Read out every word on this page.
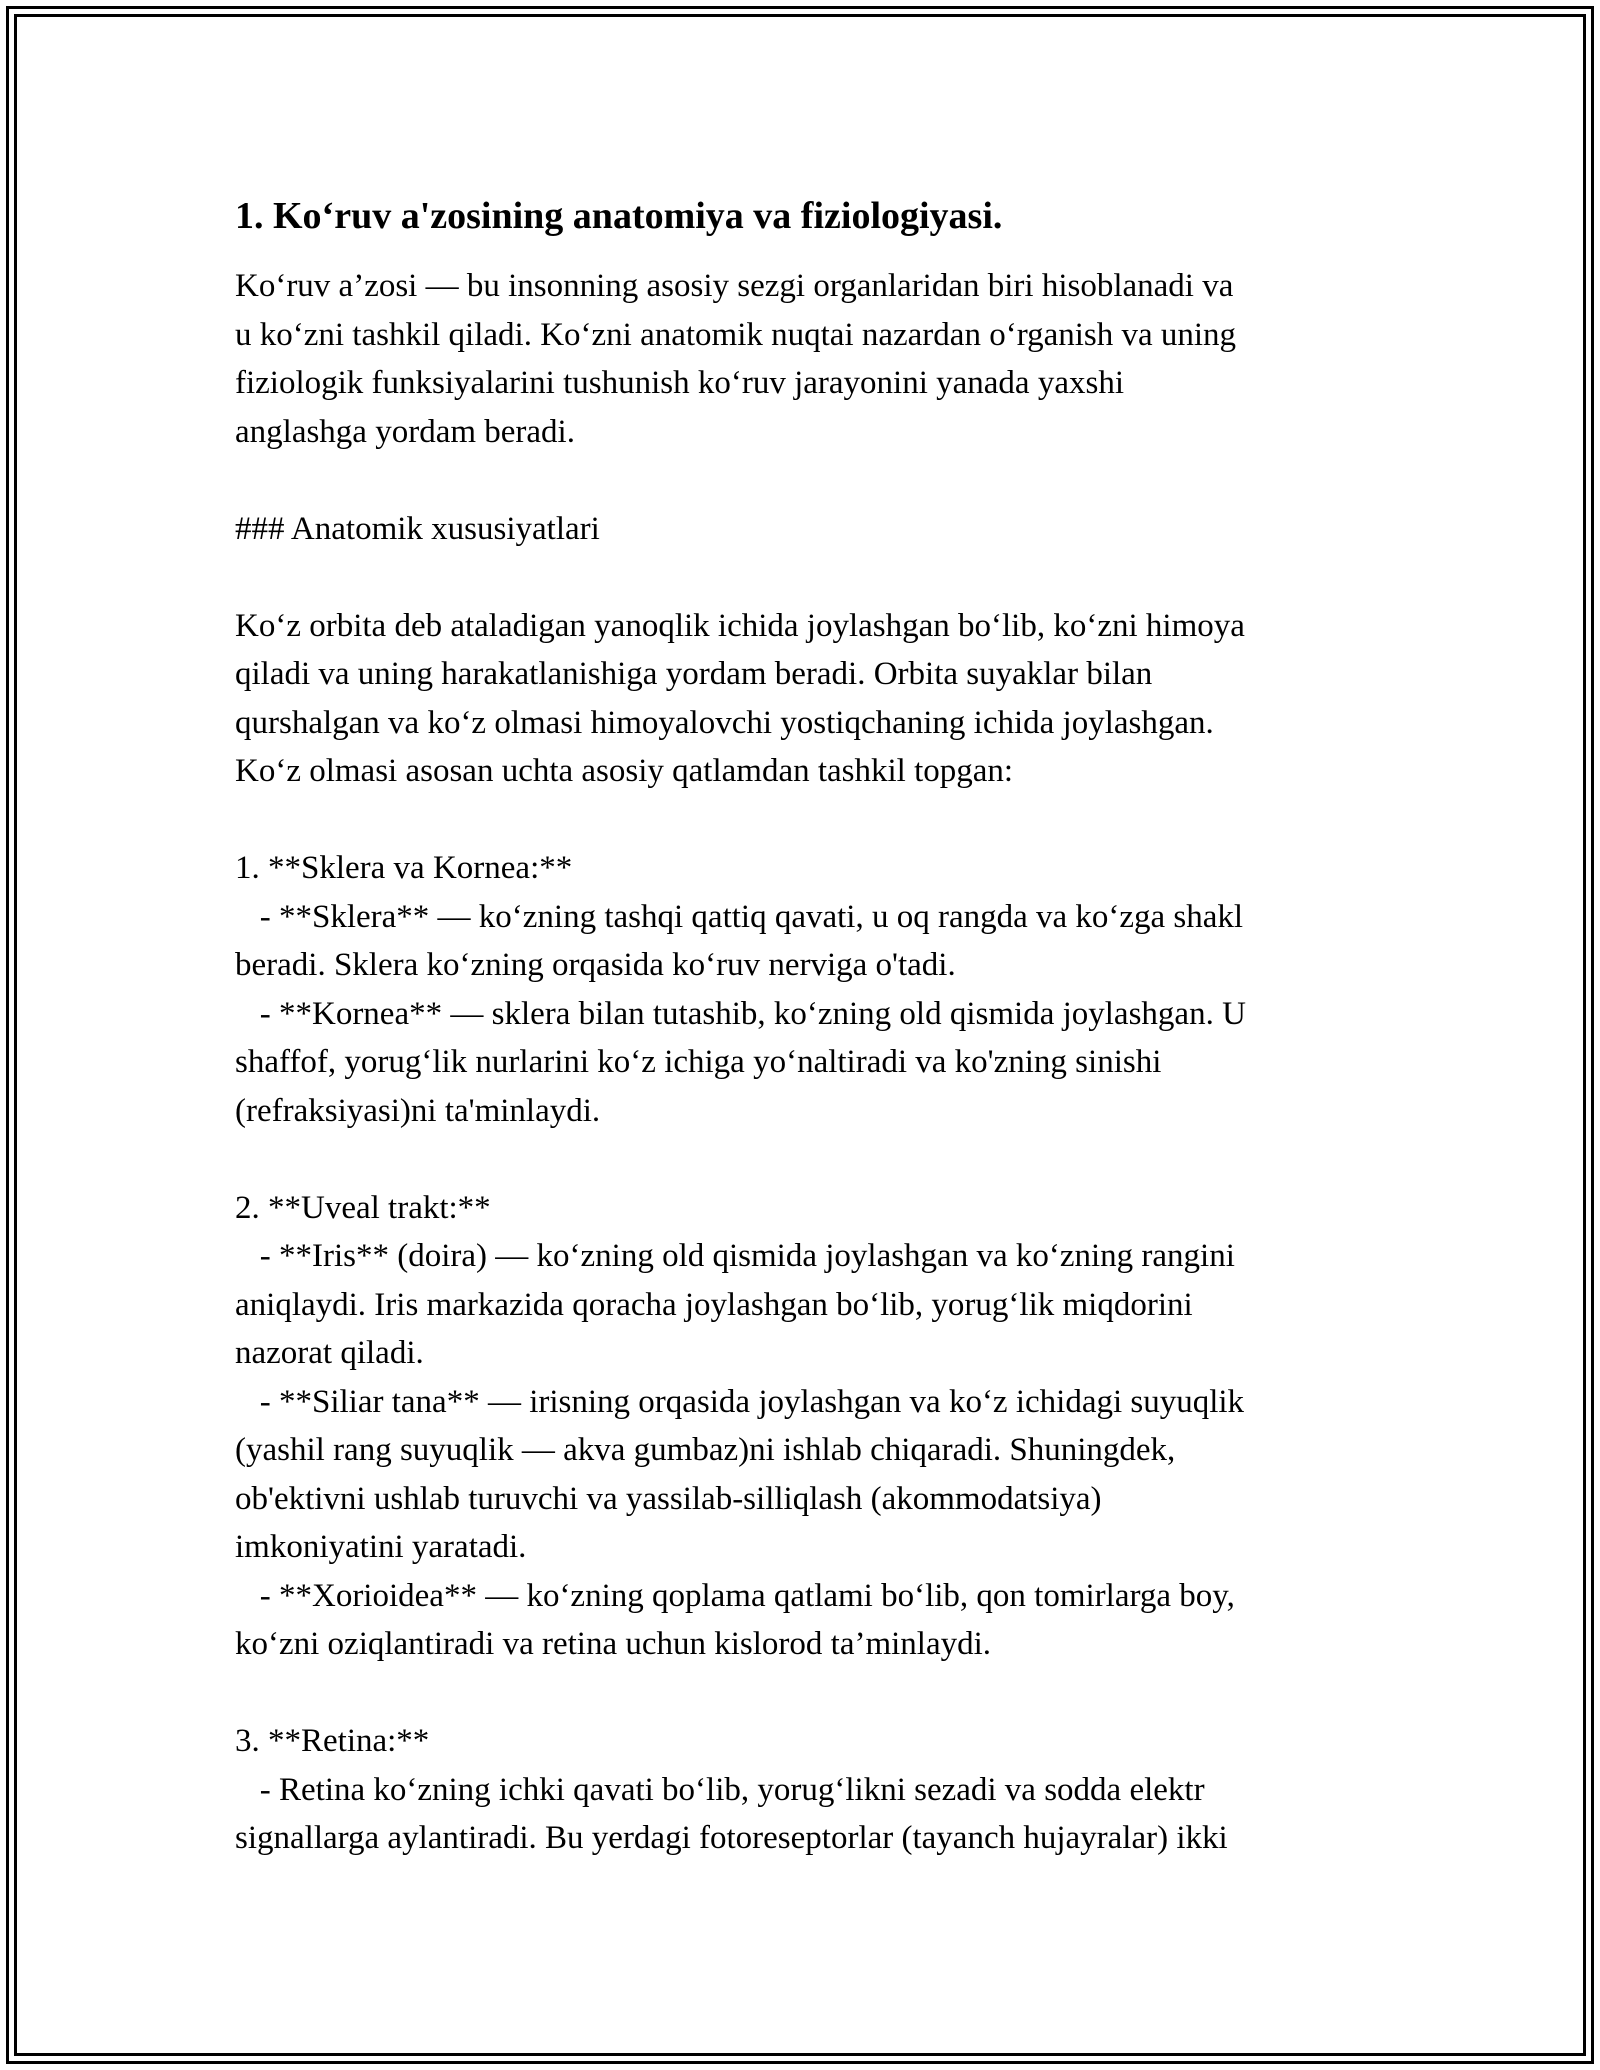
1. Ko‘ruv a'zosining anatomiya va fiziologiyasi.

Ko‘ruv a’zosi — bu insonning asosiy sezgi organlaridan biri hisoblanadi va
u ko‘zni tashkil qiladi. Ko‘zni anatomik nuqtai nazardan o‘rganish va uning
fiziologik funksiyalarini tushunish ko‘ruv jarayonini yanada yaxshi
anglashga yordam beradi.

### Anatomik xususiyatlari

Ko‘z orbita deb ataladigan yanoqlik ichida joylashgan bo‘lib, ko‘zni himoya
qiladi va uning harakatlanishiga yordam beradi. Orbita suyaklar bilan
qurshalgan va ko‘z olmasi himoyalovchi yostiqchaning ichida joylashgan.
Ko‘z olmasi asosan uchta asosiy qatlamdan tashkil topgan:

1. **Sklera va Kornea:**

- **Sklera** — ko‘zning tashqi qattiq qavati, u oq rangda va ko‘zga shakl
beradi. Sklera ko‘zning orqasida ko‘ruv nerviga o'tadi.

- **Kornea** — sklera bilan tutashib, ko‘zning old qismida joylashgan. U
shaffof, yorug‘lik nurlarini ko‘z ichiga yo‘naltiradi va ko'zning sinishi
(refraksiyasi)ni ta'minlaydi.

2. **Uveal trakt:**

- **Iris** (doira) — ko‘zning old qismida joylashgan va ko‘zning rangini
aniqlaydi. Iris markazida qoracha joylashgan bo‘lib, yorug‘lik miqdorini
nazorat qiladi.

- **Siliar tana** — irisning orqasida joylashgan va ko‘z ichidagi suyuqlik
(yashil rang suyuqlik — akva gumbaz)ni ishlab chiqaradi. Shuningdek,
ob'ektivni ushlab turuvchi va yassilab-silliqlash (akommodatsiya)
imkoniyatini yaratadi.

- **Xorioidea** — ko‘zning qoplama qatlami bo‘lib, qon tomirlarga boy,
ko‘zni oziqlantiradi va retina uchun kislorod ta’minlaydi.

3. **Retina:**

- Retina ko‘zning ichki qavati bo‘lib, yorug‘likni sezadi va sodda elektr
signallarga aylantiradi. Bu yerdagi fotoreseptorlar (tayanch hujayralar) ikki
